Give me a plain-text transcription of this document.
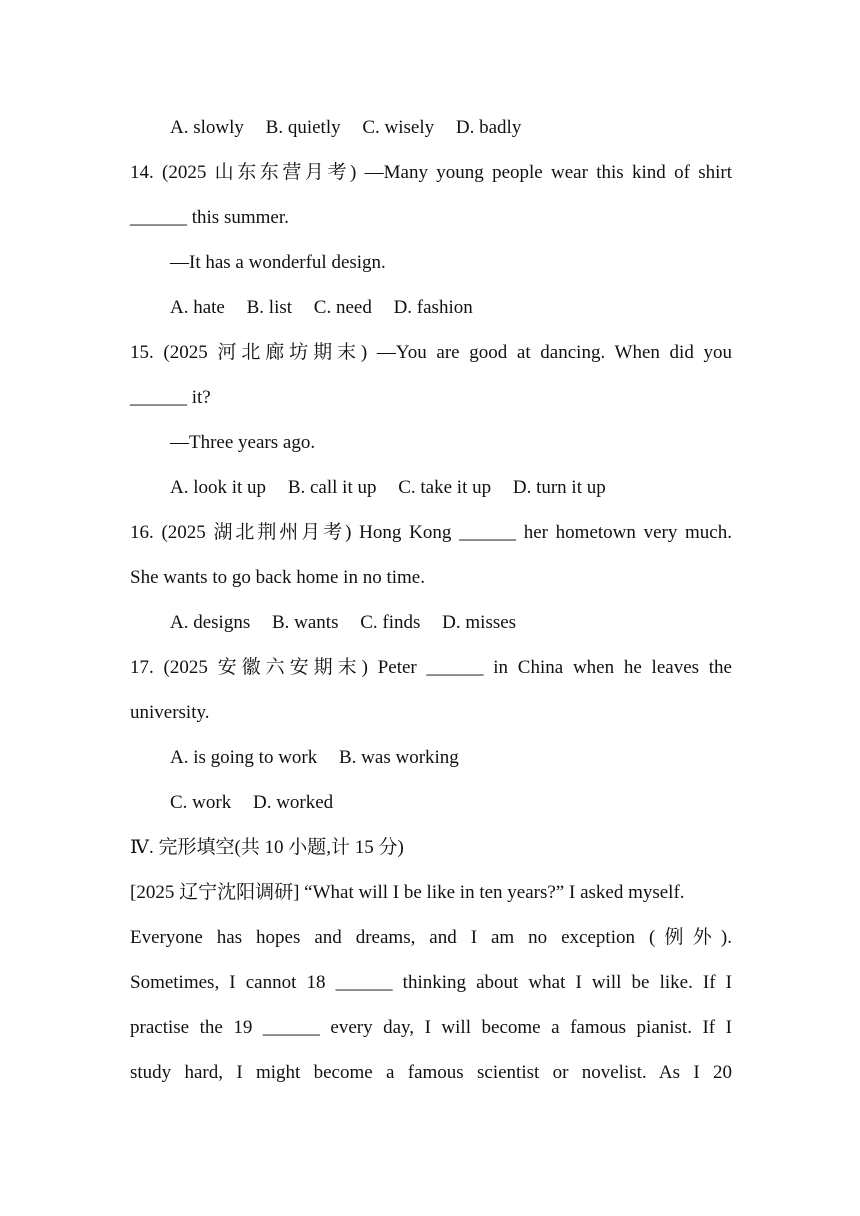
A. slowly B. quietly C. wisely D. badly
14. (2025 山东东营月考) —Many young people wear this kind of shirt
______ this summer.
—It has a wonderful design.
A. hate B. list C. need D. fashion
15. (2025 河北廊坊期末) —You are good at dancing. When did you
______ it?
—Three years ago.
A. look it up B. call it up C. take it up D. turn it up
16. (2025 湖北荆州月考) Hong Kong ______ her hometown very much.
She wants to go back home in no time.
A. designs B. wants C. finds D. misses
17. (2025 安徽六安期末) Peter ______ in China when he leaves the
university.
A. is going to work B. was working
C. work D. worked
Ⅳ. 完形填空(共 10 小题,计 15 分)
[2025 辽宁沈阳调研] “What will I be like in ten years?” I asked myself.
Everyone has hopes and dreams, and I am no exception (例外).
Sometimes, I cannot 18 ______ thinking about what I will be like. If I
practise the 19 ______ every day, I will become a famous pianist. If I
study hard, I might become a famous scientist or novelist. As I 20
